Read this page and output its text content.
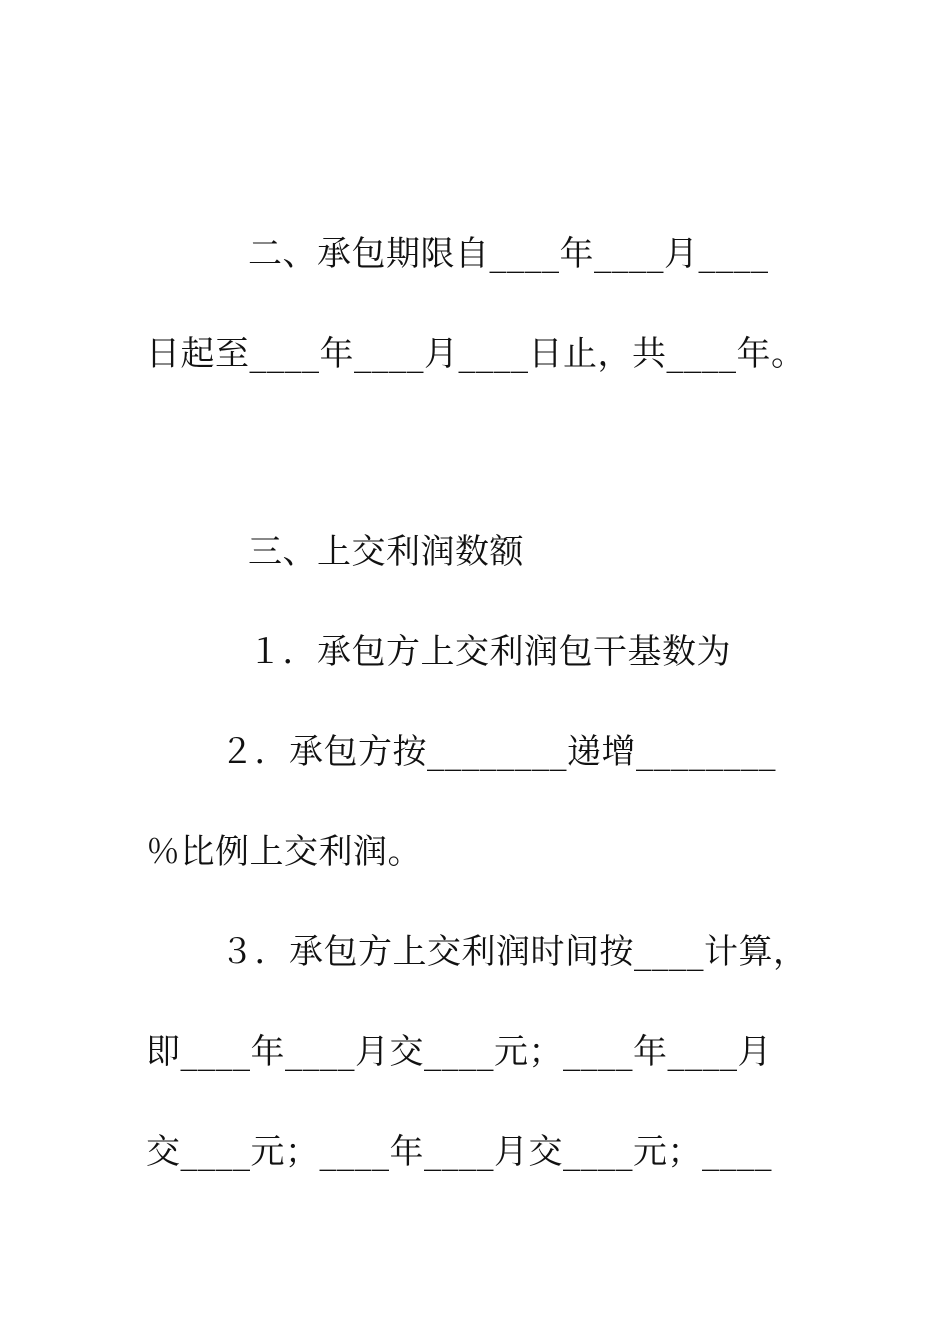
二、承包期限自____年____月____
日起至____年____月____日止，共____年。
三、上交利润数额
１．承包方上交利润包干基数为
２．承包方按________递增________
％比例上交利润。
３．承包方上交利润时间按____计算，
即____年____月交____元；____年____月
交____元；____年____月交____元；____
